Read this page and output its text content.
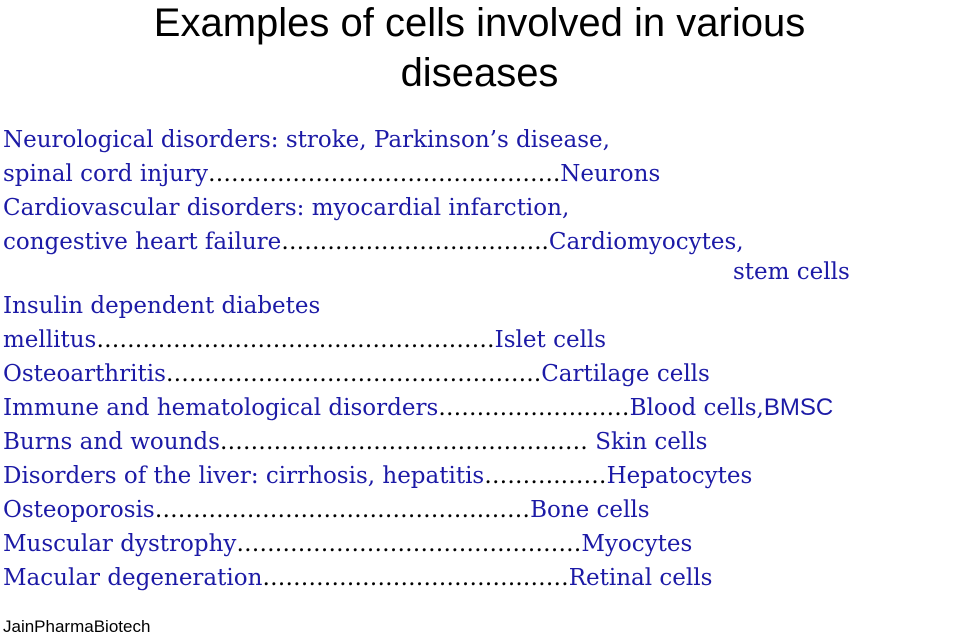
Examples of cells involved in various
diseases
Neurological disorders: stroke, Parkinson’s disease,
spinal cord injury……………………………………….Neurons
Cardiovascular disorders: myocardial infarction,
congestive heart failure……………………………..Cardiomyocytes,
stem cells
Insulin dependent diabetes
mellitus……………………………………….……Islet cells
Osteoarthritis………………………………………….Cartilage cells
Immune and hematological disorders……………….……Blood cells,BMSC
Burns and wounds………………………………………… Skin cells
Disorders of the liver: cirrhosis, hepatitis……….……Hepatocytes
Osteoporosis…………………………………….……Bone cells
Muscular dystrophy………………………………………Myocytes
Macular degeneration…………………………….……Retinal cells
JainPharmaBiotech
